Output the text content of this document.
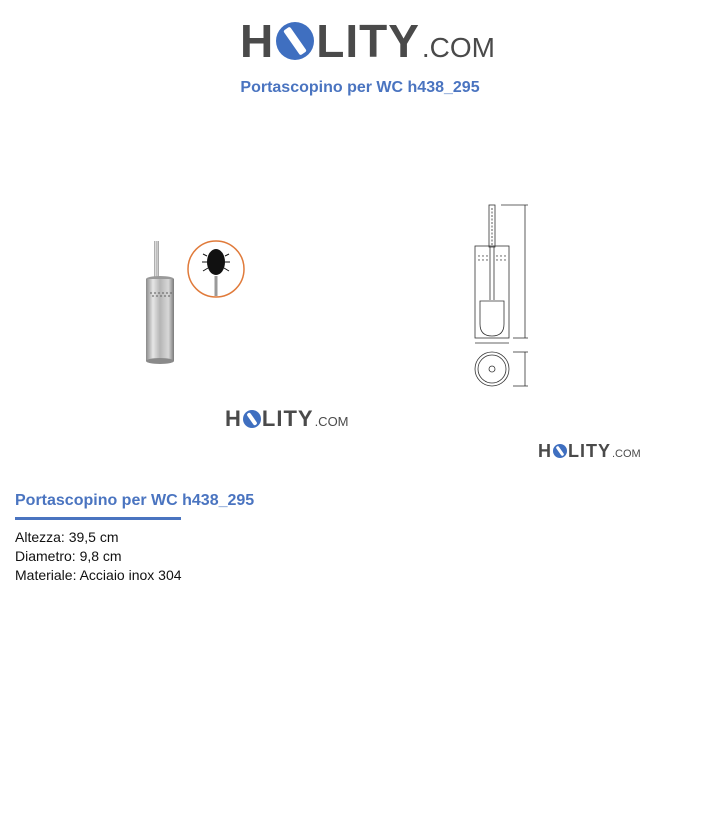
H LITY .COM
Portascopino per WC h438_295
H LITY .COM
H LITY .COM
Portascopino per WC h438_295
Altezza: 39,5 cm
Diametro: 9,8 cm
Materiale: Acciaio inox 304
